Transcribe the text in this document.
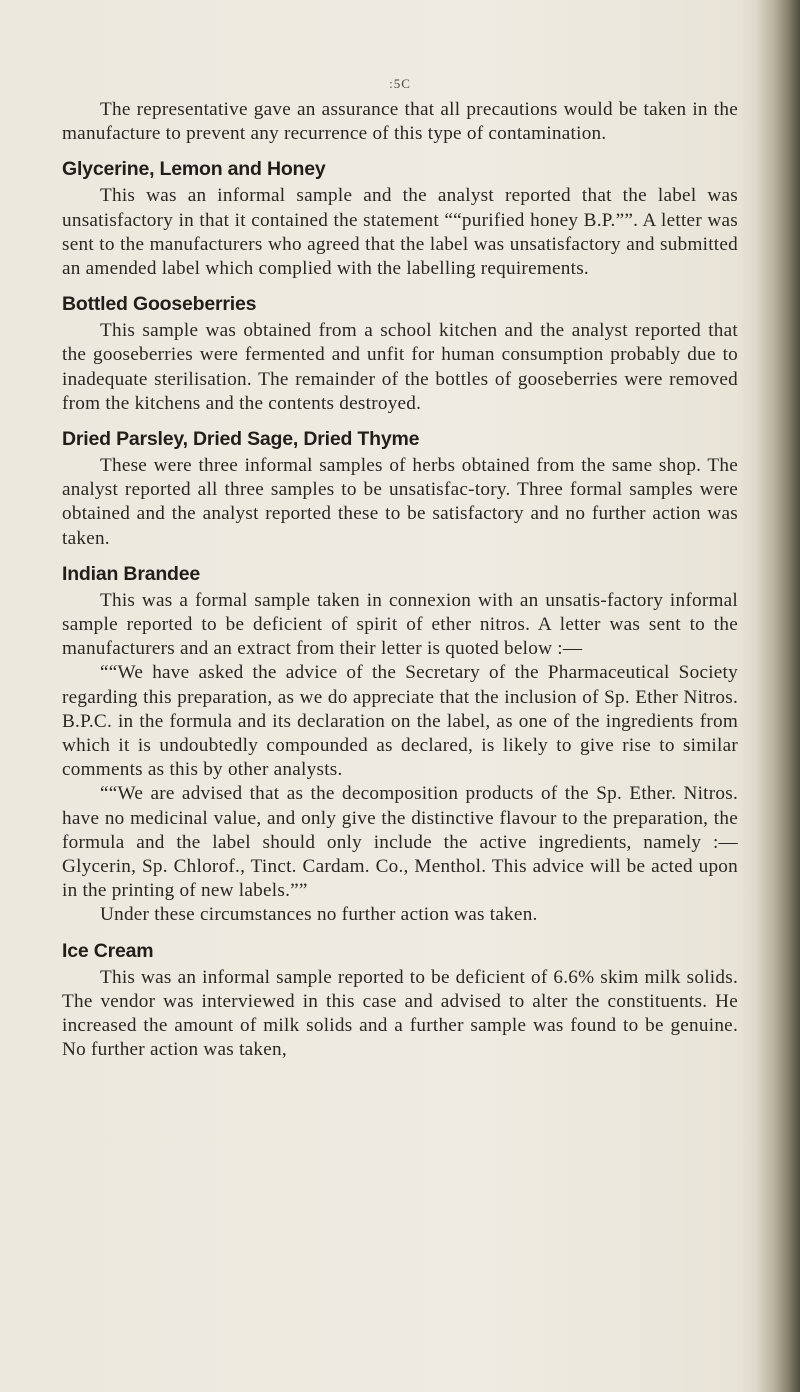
:5C

The representative gave an assurance that all precautions would be taken in the manufacture to prevent any recurrence of this type of contamination.

Glycerine, Lemon and Honey

This was an informal sample and the analyst reported that the label was unsatisfactory in that it contained the statement ““purified honey B.P.””. A letter was sent to the manufacturers who agreed that the label was unsatisfactory and submitted an amended label which complied with the labelling requirements.

Bottled Gooseberries

This sample was obtained from a school kitchen and the analyst reported that the gooseberries were fermented and unfit for human consumption probably due to inadequate sterilisation. The remainder of the bottles of gooseberries were removed from the kitchens and the contents destroyed.

Dried Parsley, Dried Sage, Dried Thyme

These were three informal samples of herbs obtained from the same shop. The analyst reported all three samples to be unsatisfac-tory. Three formal samples were obtained and the analyst reported these to be satisfactory and no further action was taken.

Indian Brandee

This was a formal sample taken in connexion with an unsatis-factory informal sample reported to be deficient of spirit of ether nitros. A letter was sent to the manufacturers and an extract from their letter is quoted below :—

““We have asked the advice of the Secretary of the Pharmaceutical Society regarding this preparation, as we do appreciate that the inclusion of Sp. Ether Nitros. B.P.C. in the formula and its declaration on the label, as one of the ingredients from which it is undoubtedly compounded as declared, is likely to give rise to similar comments as this by other analysts.

““We are advised that as the decomposition products of the Sp. Ether. Nitros. have no medicinal value, and only give the distinctive flavour to the preparation, the formula and the label should only include the active ingredients, namely :— Glycerin, Sp. Chlorof., Tinct. Cardam. Co., Menthol. This advice will be acted upon in the printing of new labels.””

Under these circumstances no further action was taken.

Ice Cream

This was an informal sample reported to be deficient of 6.6% skim milk solids. The vendor was interviewed in this case and advised to alter the constituents. He increased the amount of milk solids and a further sample was found to be genuine. No further action was taken,
